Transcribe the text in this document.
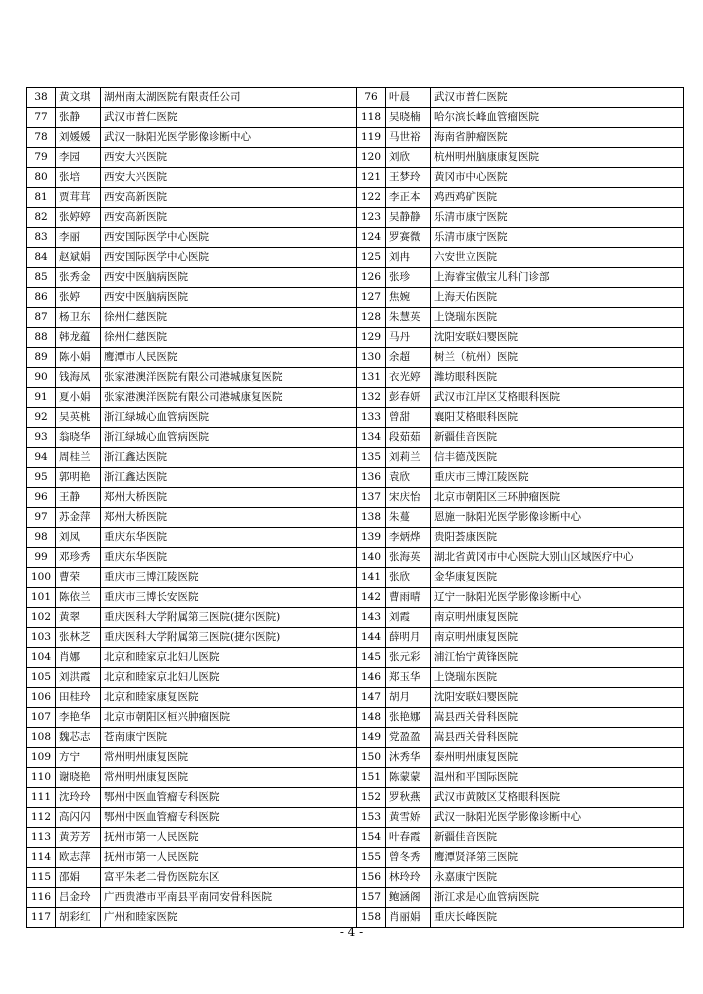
38	黄文琪	湖州南太湖医院有限责任公司	76	叶晨	武汉市普仁医院
77	张静	武汉市普仁医院	118	吴晓楠	哈尔滨长峰血管瘤医院
78	刘媛媛	武汉一脉阳光医学影像诊断中心	119	马世裕	海南省肿瘤医院
79	李园	西安大兴医院	120	刘欣	杭州明州脑康康复医院
80	张培	西安大兴医院	121	王梦玲	黄冈市中心医院
81	贾茸茸	西安高新医院	122	李正本	鸡西鸡矿医院
82	张婷婷	西安高新医院	123	吴静静	乐清市康宁医院
83	李丽	西安国际医学中心医院	124	罗赛微	乐清市康宁医院
84	赵斌娟	西安国际医学中心医院	125	刘冉	六安世立医院
85	张秀金	西安中医脑病医院	126	张珍	上海睿宝傲宝儿科门诊部
86	张婷	西安中医脑病医院	127	焦婉	上海天佑医院
87	杨卫东	徐州仁慈医院	128	朱慧英	上饶瑞东医院
88	韩龙蕴	徐州仁慈医院	129	马丹	沈阳安联妇婴医院
89	陈小娟	鹰潭市人民医院	130	余超	树兰（杭州）医院
90	钱海凤	张家港澳洋医院有限公司港城康复医院	131	衣光婷	潍坊眼科医院
91	夏小娟	张家港澳洋医院有限公司港城康复医院	132	彭春妍	武汉市江岸区艾格眼科医院
92	吴英桃	浙江绿城心血管病医院	133	曾甜	襄阳艾格眼科医院
93	翁晓华	浙江绿城心血管病医院	134	段茹茹	新疆佳音医院
94	周桂兰	浙江鑫达医院	135	刘莉兰	信丰德茂医院
95	郭明艳	浙江鑫达医院	136	袁欣	重庆市三博江陵医院
96	王静	郑州大桥医院	137	宋庆怡	北京市朝阳区三环肿瘤医院
97	苏金萍	郑州大桥医院	138	朱蔓	恩施一脉阳光医学影像诊断中心
98	刘凤	重庆东华医院	139	李炳烨	贵阳荟康医院
99	邓珍秀	重庆东华医院	140	张海英	湖北省黄冈市中心医院大别山区域医疗中心
100	曹荣	重庆市三博江陵医院	141	张欣	金华康复医院
101	陈依兰	重庆市三博长安医院	142	曹雨晴	辽宁一脉阳光医学影像诊断中心
102	黄翠	重庆医科大学附属第三医院(捷尔医院)	143	刘霞	南京明州康复医院
103	张林芝	重庆医科大学附属第三医院(捷尔医院)	144	薛明月	南京明州康复医院
104	肖娜	北京和睦家京北妇儿医院	145	张元彩	浦江怡宁黄锋医院
105	刘洪霞	北京和睦家京北妇儿医院	146	郑玉华	上饶瑞东医院
106	田桂玲	北京和睦家康复医院	147	胡月	沈阳安联妇婴医院
107	李艳华	北京市朝阳区桓兴肿瘤医院	148	张艳娜	嵩县西关骨科医院
108	魏芯志	苍南康宁医院	149	党盈盈	嵩县西关骨科医院
109	方宁	常州明州康复医院	150	沐秀华	泰州明州康复医院
110	谢晓艳	常州明州康复医院	151	陈蒙蒙	温州和平国际医院
111	沈玲玲	鄂州中医血管瘤专科医院	152	罗秋燕	武汉市黄陂区艾格眼科医院
112	高闪闪	鄂州中医血管瘤专科医院	153	黄雪娇	武汉一脉阳光医学影像诊断中心
113	黄芳芳	抚州市第一人民医院	154	叶春霞	新疆佳音医院
114	欧志萍	抚州市第一人民医院	155	曾冬秀	鹰潭贤泽第三医院
115	邵娟	富平朱老二骨伤医院东区	156	林玲玲	永嘉康宁医院
116	吕金玲	广西贵港市平南县平南同安骨科医院	157	鲍涵阁	浙江求是心血管病医院
117	胡彩红	广州和睦家医院	158	肖丽娟	重庆长峰医院
- 4 -
